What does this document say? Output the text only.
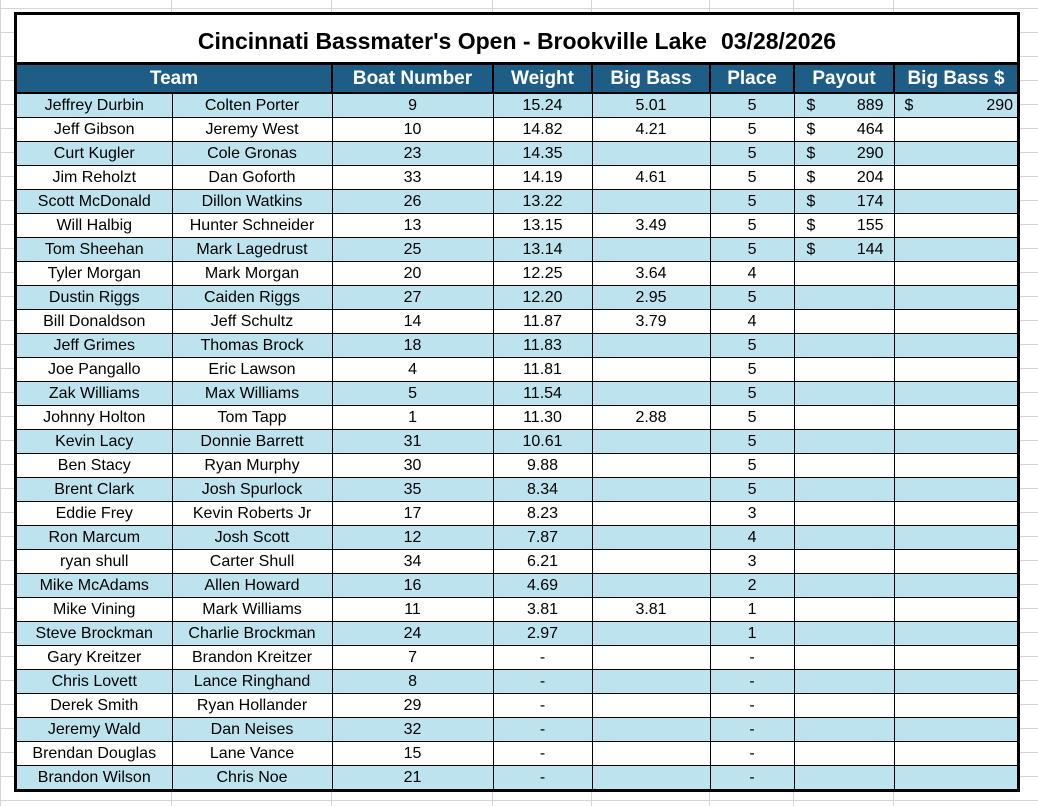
Cincinnati Bassmater's Open - Brookville Lake 03/28/2026
Team		Boat Number	Weight	Big Bass	Place	Payout	Big Bass $
Jeffrey Durbin	Colten Porter	9	15.24	5.01	5	$ 889	$ 290
Jeff Gibson	Jeremy West	10	14.82	4.21	5	$ 464	
Curt Kugler	Cole Gronas	23	14.35		5	$ 290	
Jim Reholzt	Dan Goforth	33	14.19	4.61	5	$ 204	
Scott McDonald	Dillon Watkins	26	13.22		5	$ 174	
Will Halbig	Hunter Schneider	13	13.15	3.49	5	$ 155	
Tom Sheehan	Mark Lagedrust	25	13.14		5	$ 144	
Tyler Morgan	Mark Morgan	20	12.25	3.64	4		
Dustin Riggs	Caiden Riggs	27	12.20	2.95	5		
Bill Donaldson	Jeff Schultz	14	11.87	3.79	4		
Jeff Grimes	Thomas Brock	18	11.83		5		
Joe Pangallo	Eric Lawson	4	11.81		5		
Zak Williams	Max Williams	5	11.54		5		
Johnny Holton	Tom Tapp	1	11.30	2.88	5		
Kevin Lacy	Donnie Barrett	31	10.61		5		
Ben Stacy	Ryan Murphy	30	9.88		5		
Brent Clark	Josh Spurlock	35	8.34		5		
Eddie Frey	Kevin Roberts Jr	17	8.23		3		
Ron Marcum	Josh Scott	12	7.87		4		
ryan shull	Carter Shull	34	6.21		3		
Mike McAdams	Allen Howard	16	4.69		2		
Mike Vining	Mark Williams	11	3.81	3.81	1		
Steve Brockman	Charlie Brockman	24	2.97		1		
Gary Kreitzer	Brandon Kreitzer	7	-		-		
Chris Lovett	Lance Ringhand	8	-		-		
Derek Smith	Ryan Hollander	29	-		-		
Jeremy Wald	Dan Neises	32	-		-		
Brendan Douglas	Lane Vance	15	-		-		
Brandon Wilson	Chris Noe	21	-		-		
